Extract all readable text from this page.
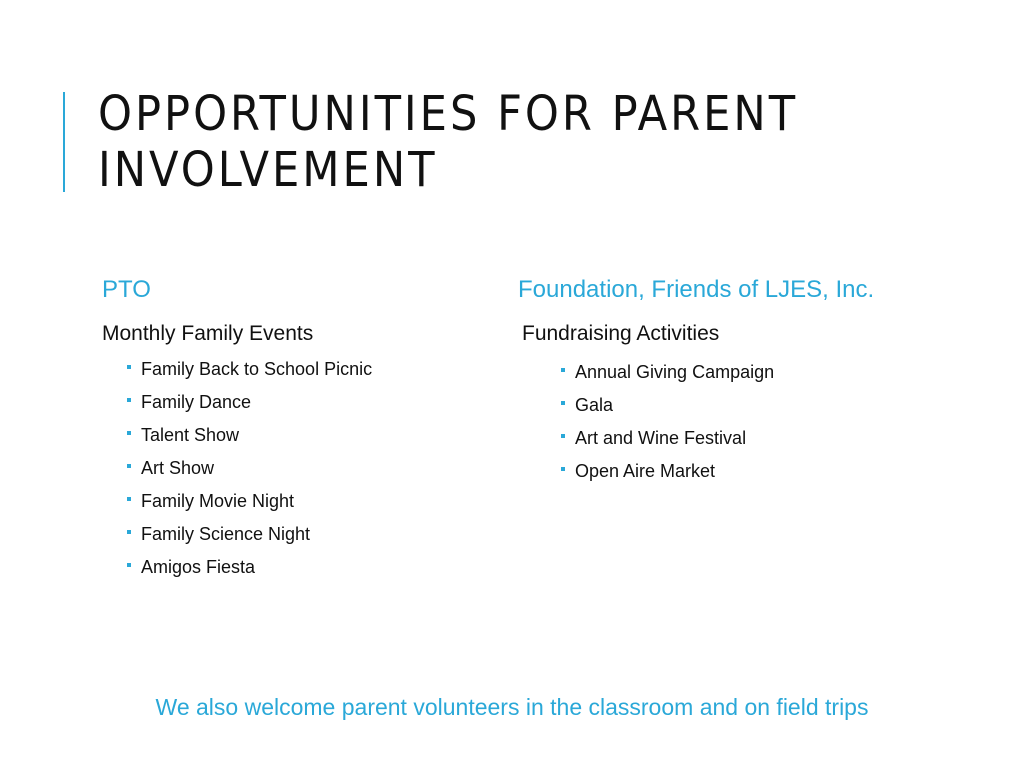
OPPORTUNITIES FOR PARENT INVOLVEMENT
PTO
Monthly Family Events
Family Back to School Picnic
Family Dance
Talent Show
Art Show
Family Movie Night
Family Science Night
Amigos Fiesta
Foundation, Friends of LJES, Inc.
Fundraising Activities
Annual Giving Campaign
Gala
Art and Wine Festival
Open Aire Market
We also welcome parent volunteers in the classroom and on field trips
